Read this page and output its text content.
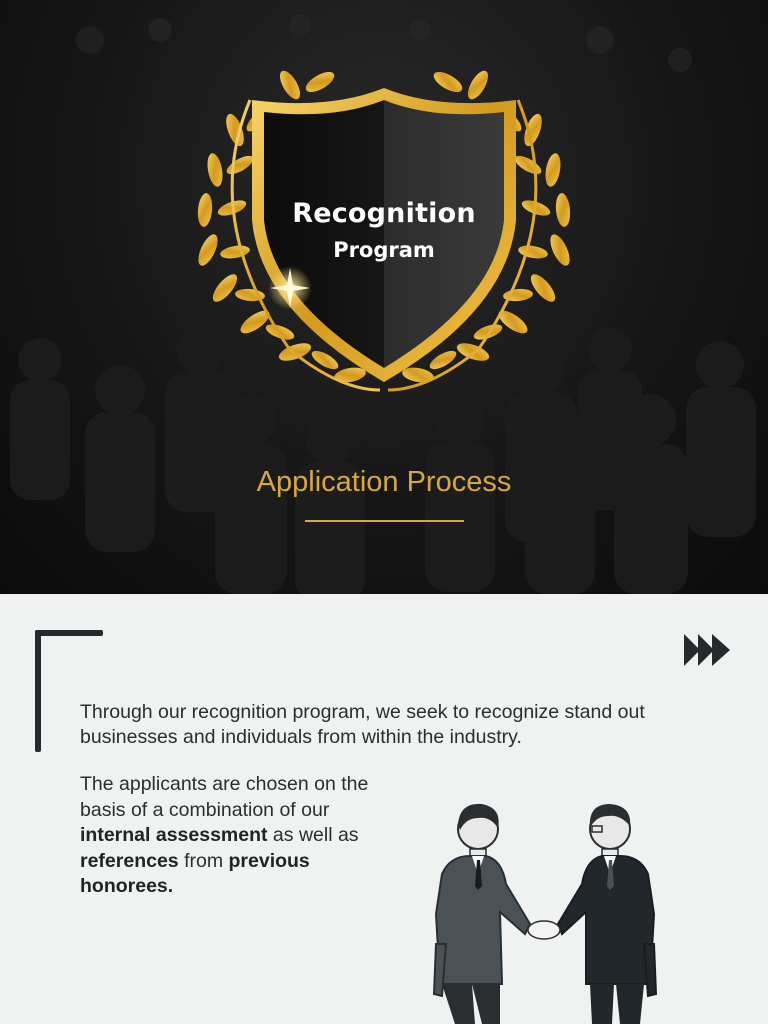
Recognition
Program
Application Process

Through our recognition program, we seek to recognize stand out businesses and individuals from within the industry.

The applicants are chosen on the basis of a combination of our internal assessment as well as references from previous honorees.
